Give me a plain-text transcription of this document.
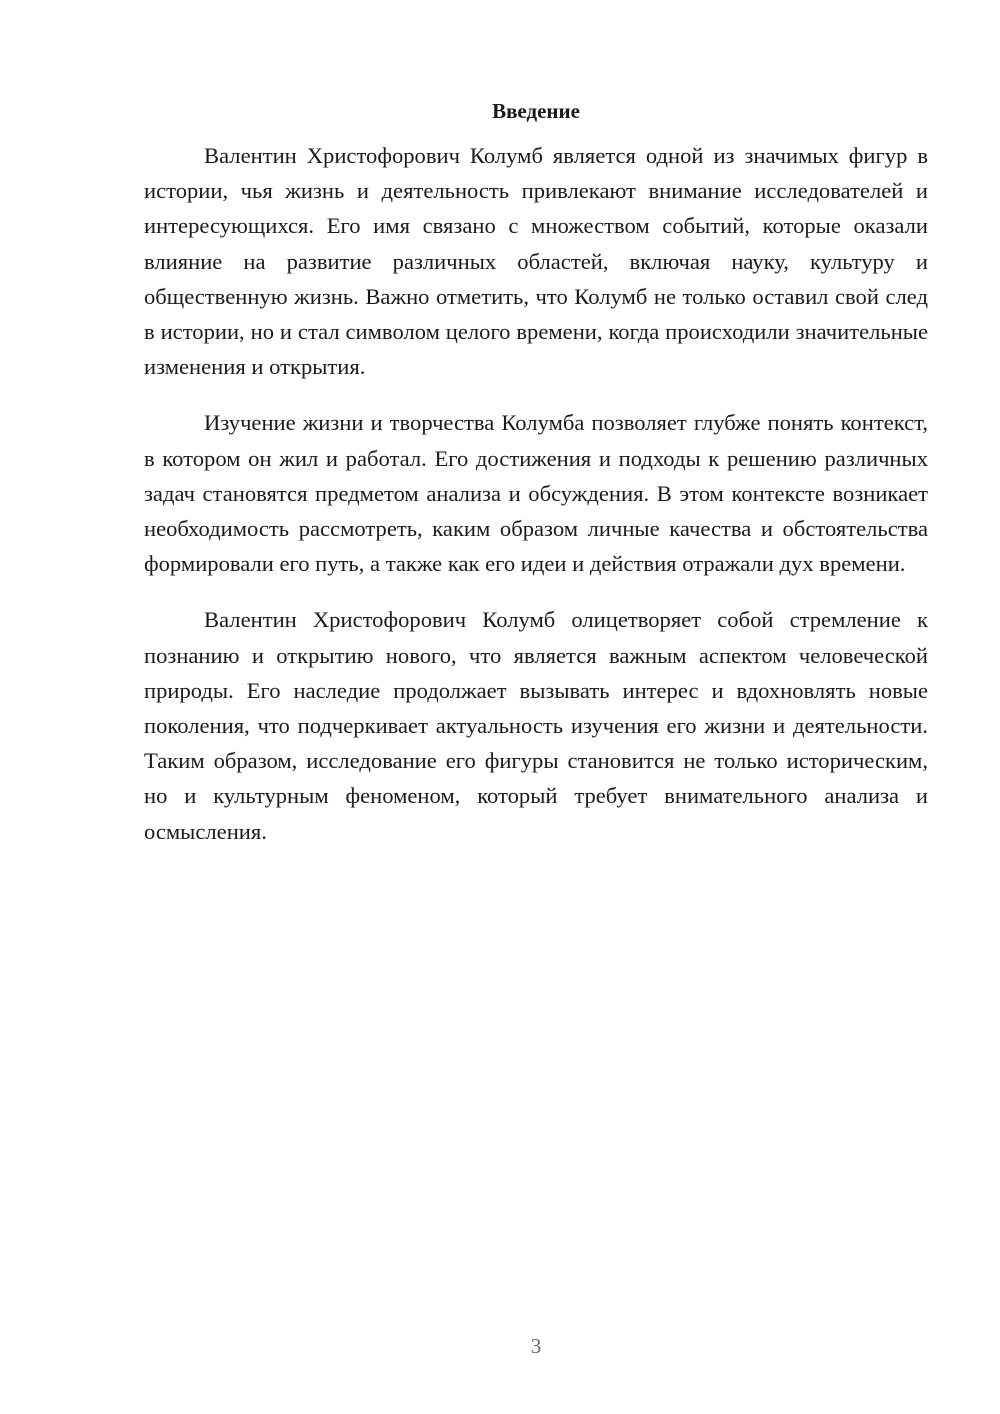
Введение

Валентин Христофорович Колумб является одной из значимых фигур в истории, чья жизнь и деятельность привлекают внимание исследователей и интересующихся. Его имя связано с множеством событий, которые оказали влияние на развитие различных областей, включая науку, культуру и общественную жизнь. Важно отметить, что Колумб не только оставил свой след в истории, но и стал символом целого времени, когда происходили значительные изменения и открытия.

Изучение жизни и творчества Колумба позволяет глубже понять контекст, в котором он жил и работал. Его достижения и подходы к решению различных задач становятся предметом анализа и обсуждения. В этом контексте возникает необходимость рассмотреть, каким образом личные качества и обстоятельства формировали его путь, а также как его идеи и действия отражали дух времени.

Валентин Христофорович Колумб олицетворяет собой стремление к познанию и открытию нового, что является важным аспектом человеческой природы. Его наследие продолжает вызывать интерес и вдохновлять новые поколения, что подчеркивает актуальность изучения его жизни и деятельности. Таким образом, исследование его фигуры становится не только историческим, но и культурным феноменом, который требует внимательного анализа и осмысления.

3
